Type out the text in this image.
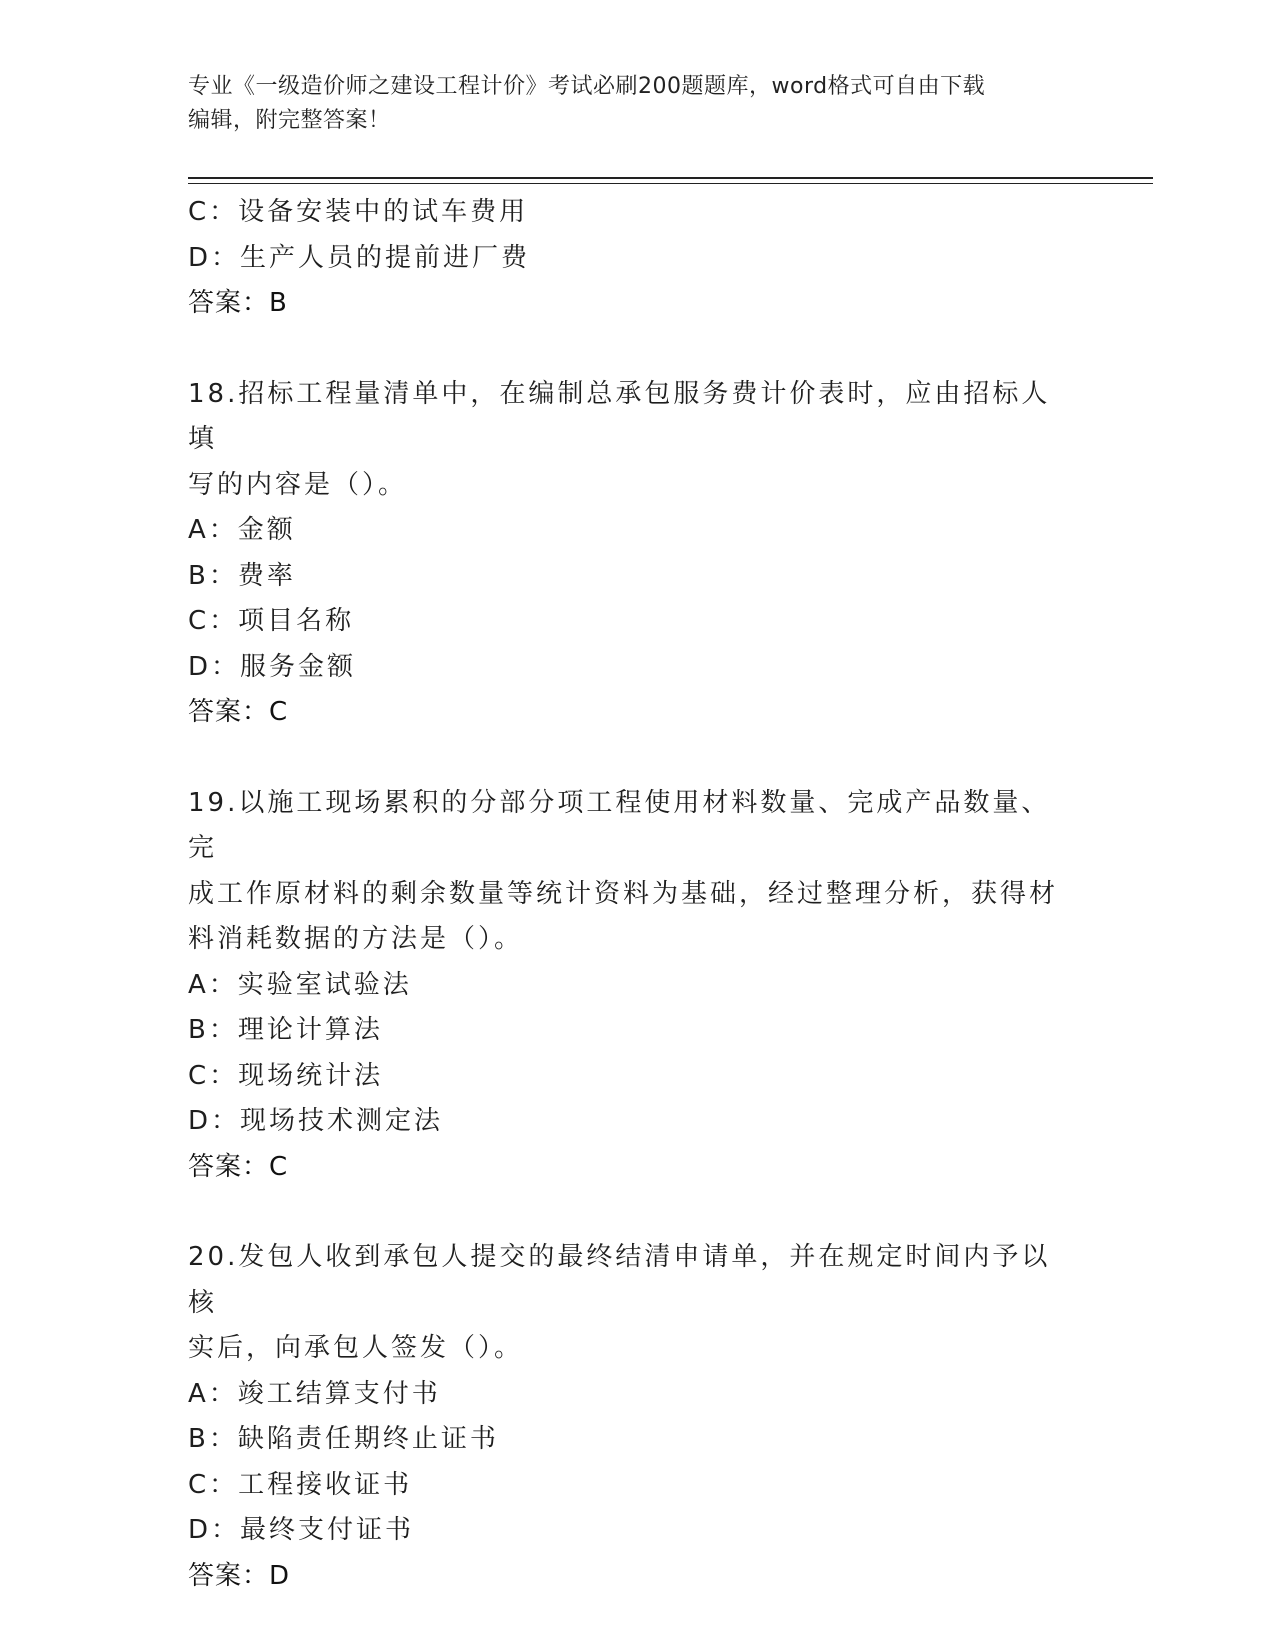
专业《一级造价师之建设工程计价》考试必刷200题题库，word格式可自由下载
编辑，附完整答案！
C：设备安装中的试车费用
D：生产人员的提前进厂费
答案：B
18.招标工程量清单中，在编制总承包服务费计价表时，应由招标人填
写的内容是（）。
A：金额
B：费率
C：项目名称
D：服务金额
答案：C
19.以施工现场累积的分部分项工程使用材料数量、完成产品数量、完
成工作原材料的剩余数量等统计资料为基础，经过整理分析，获得材
料消耗数据的方法是（）。
A：实验室试验法
B：理论计算法
C：现场统计法
D：现场技术测定法
答案：C
20.发包人收到承包人提交的最终结清申请单，并在规定时间内予以核
实后，向承包人签发（）。
A：竣工结算支付书
B：缺陷责任期终止证书
C：工程接收证书
D：最终支付证书
答案：D
